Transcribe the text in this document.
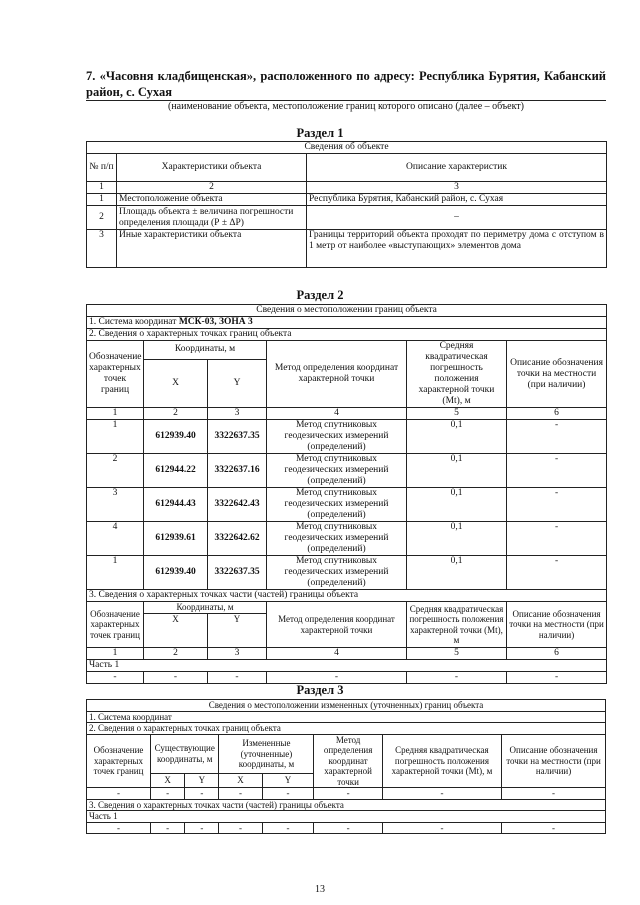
7. «Часовня кладбищенская», расположенного по адресу: Республика Бурятия, Кабанский район, с. Сухая
(наименование объекта, местоположение границ которого описано (далее – объект)
Раздел 1
Сведения об объекте		
№ п/п	Характеристики объекта	Описание характеристик
1	2	3
1	Местоположение объекта	Республика Бурятия, Кабанский район, с. Сухая
2	Площадь объекта ± величина погрешности определения площади (Р ± ΔР)	–
3	Иные характеристики объекта	Границы территорий объекта проходят по периметру дома с отступом в 1 метр от наиболее «выступающих» элементов дома
Раздел 2
Сведения о местоположении границ объекта					
1. Система координат МСК-03, ЗОНА 3					
2. Сведения о характерных точках границ объекта					
Обозначение характерных точек границ	Координаты, м		Метод определения координат характерной точки	Средняя квадратическая погрешность положения характерной точки (Mt), м	Описание обозначения точки на местности (при наличии)
	X	Y			
1	2	3	4	5	6
1	612939.40	3322637.35	Метод спутниковых геодезических измерений (определений)	0,1	-
2	612944.22	3322637.16	Метод спутниковых геодезических измерений (определений)	0,1	-
3	612944.43	3322642.43	Метод спутниковых геодезических измерений (определений)	0,1	-
4	612939.61	3322642.62	Метод спутниковых геодезических измерений (определений)	0,1	-
1	612939.40	3322637.35	Метод спутниковых геодезических измерений (определений)	0,1	-
3. Сведения о характерных точках части (частей) границы объекта					
Обозначение характерных точек границ	Координаты, м		Метод определения координат характерной точки	Средняя квадратическая погрешность положения характерной точки (Mt), м	Описание обозначения точки на местности (при наличии)
	X	Y			
1	2	3	4	5	6
Часть 1					
-	-	-	-	-	-
Раздел 3
Сведения о местоположении измененных (уточненных) границ объекта							
1. Система координат							
2. Сведения о характерных точках границ объекта							
Обозначение характерных точек границ	Существующие координаты, м		Измененные (уточненные) координаты, м		Метод определения координат характерной точки	Средняя квадратическая погрешность положения характерной точки (Mt), м	Описание обозначения точки на местности (при наличии)
	X	Y	X	Y			
-	-	-	-	-	-	-	-
3. Сведения о характерных точках части (частей) границы объекта							
Часть 1							
-	-	-	-	-	-	-	-
13
